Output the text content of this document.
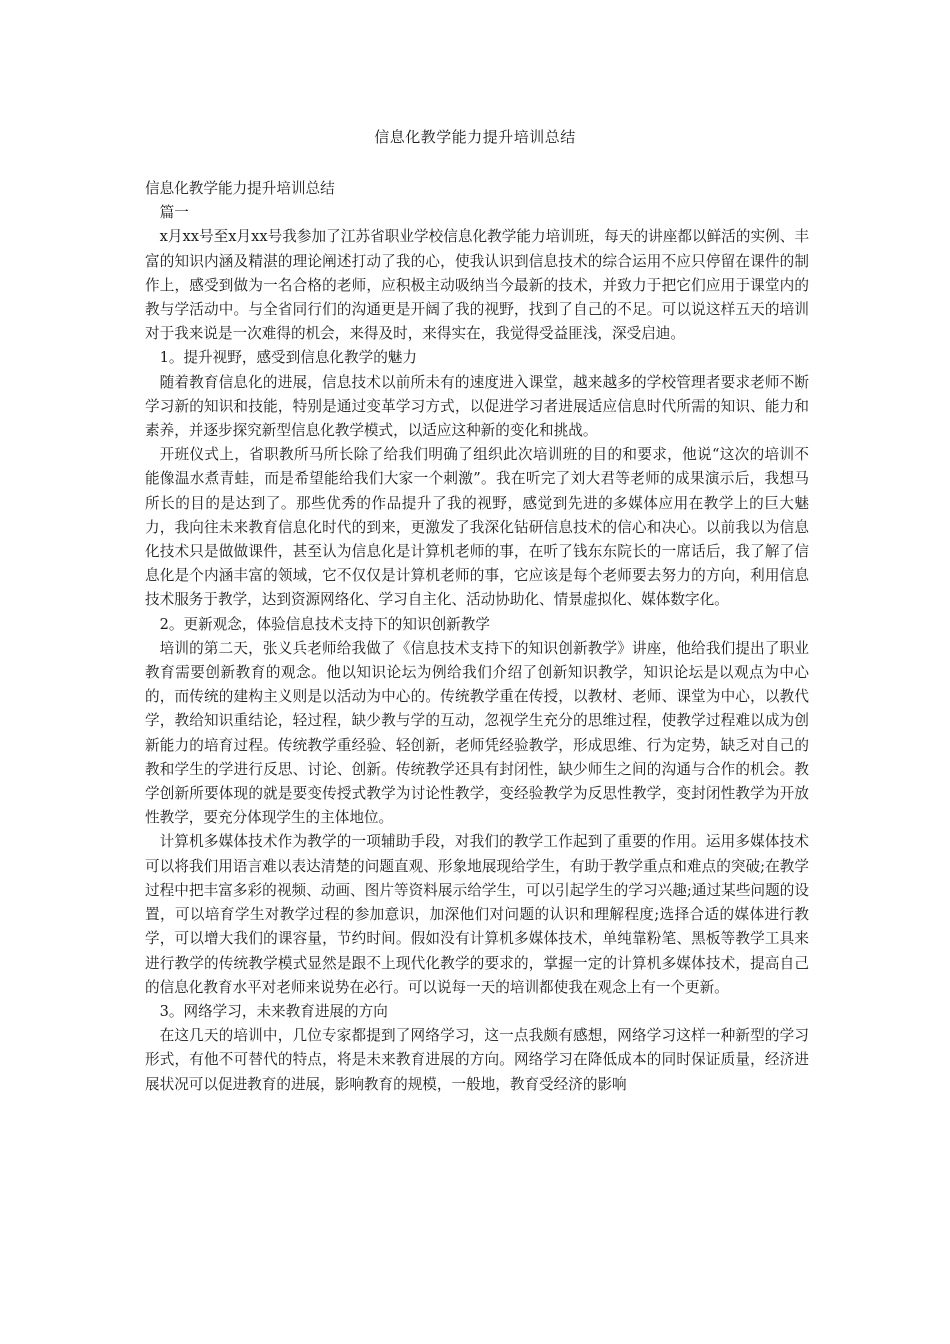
信息化教学能力提升培训总结

信息化教学能力提升培训总结

篇一

x月xx号至x月xx号我参加了江苏省职业学校信息化教学能力培训班，每天的讲座都以鲜活的实例、丰富的知识内涵及精湛的理论阐述打动了我的心，使我认识到信息技术的综合运用不应只停留在课件的制作上，感受到做为一名合格的老师，应积极主动吸纳当今最新的技术，并致力于把它们应用于课堂内的教与学活动中。与全省同行们的沟通更是开阔了我的视野，找到了自己的不足。可以说这样五天的培训对于我来说是一次难得的机会，来得及时，来得实在，我觉得受益匪浅，深受启迪。

1。提升视野，感受到信息化教学的魅力

随着教育信息化的进展，信息技术以前所未有的速度进入课堂，越来越多的学校管理者要求老师不断学习新的知识和技能，特别是通过变革学习方式，以促进学习者进展适应信息时代所需的知识、能力和素养，并逐步探究新型信息化教学模式，以适应这种新的变化和挑战。

开班仪式上，省职教所马所长除了给我们明确了组织此次培训班的目的和要求，他说“这次的培训不能像温水煮青蛙，而是希望能给我们大家一个刺激”。我在听完了刘大君等老师的成果演示后，我想马所长的目的是达到了。那些优秀的作品提升了我的视野，感觉到先进的多媒体应用在教学上的巨大魅力，我向往未来教育信息化时代的到来，更激发了我深化钻研信息技术的信心和决心。以前我以为信息化技术只是做做课件，甚至认为信息化是计算机老师的事，在听了钱东东院长的一席话后，我了解了信息化是个内涵丰富的领域，它不仅仅是计算机老师的事，它应该是每个老师要去努力的方向，利用信息技术服务于教学，达到资源网络化、学习自主化、活动协助化、情景虚拟化、媒体数字化。

2。更新观念，体验信息技术支持下的知识创新教学

培训的第二天，张义兵老师给我做了《信息技术支持下的知识创新教学》讲座，他给我们提出了职业教育需要创新教育的观念。他以知识论坛为例给我们介绍了创新知识教学，知识论坛是以观点为中心的，而传统的建构主义则是以活动为中心的。传统教学重在传授，以教材、老师、课堂为中心，以教代学，教给知识重结论，轻过程，缺少教与学的互动，忽视学生充分的思维过程，使教学过程难以成为创新能力的培育过程。传统教学重经验、轻创新，老师凭经验教学，形成思维、行为定势，缺乏对自己的教和学生的学进行反思、讨论、创新。传统教学还具有封闭性，缺少师生之间的沟通与合作的机会。教学创新所要体现的就是要变传授式教学为讨论性教学，变经验教学为反思性教学，变封闭性教学为开放性教学，要充分体现学生的主体地位。

计算机多媒体技术作为教学的一项辅助手段，对我们的教学工作起到了重要的作用。运用多媒体技术可以将我们用语言难以表达清楚的问题直观、形象地展现给学生，有助于教学重点和难点的突破;在教学过程中把丰富多彩的视频、动画、图片等资料展示给学生，可以引起学生的学习兴趣;通过某些问题的设置，可以培育学生对教学过程的参加意识，加深他们对问题的认识和理解程度;选择合适的媒体进行教学，可以增大我们的课容量，节约时间。假如没有计算机多媒体技术，单纯靠粉笔、黑板等教学工具来进行教学的传统教学模式显然是跟不上现代化教学的要求的，掌握一定的计算机多媒体技术，提高自己的信息化教育水平对老师来说势在必行。可以说每一天的培训都使我在观念上有一个更新。

3。网络学习，未来教育进展的方向

在这几天的培训中，几位专家都提到了网络学习，这一点我颇有感想，网络学习这样一种新型的学习形式，有他不可替代的特点，将是未来教育进展的方向。网络学习在降低成本的同时保证质量，经济进展状况可以促进教育的进展，影响教育的规模，一般地，教育受经济的影响
